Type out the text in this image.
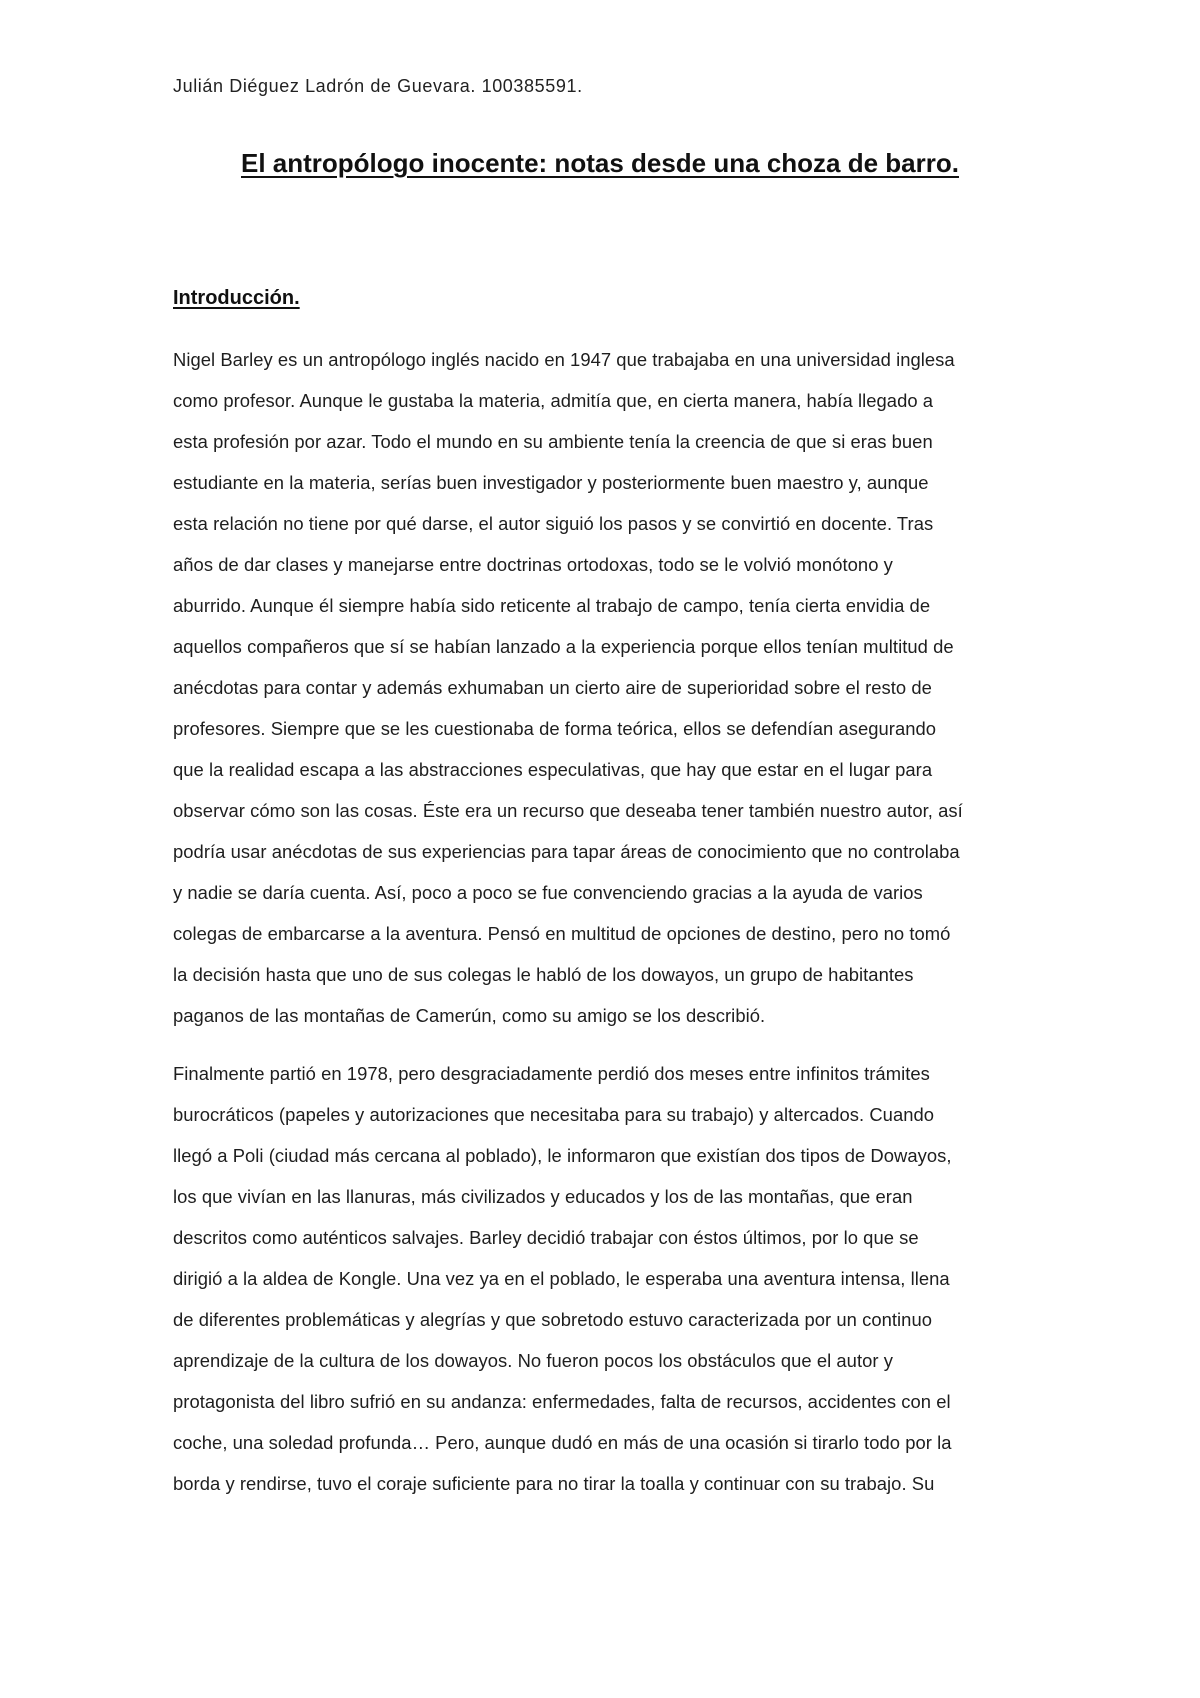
Julián Diéguez Ladrón de Guevara. 100385591.
El antropólogo inocente: notas desde una choza de barro.
Introducción.
Nigel Barley es un antropólogo inglés nacido en 1947 que trabajaba en una universidad inglesa
como profesor. Aunque le gustaba la materia, admitía que, en cierta manera, había llegado a
esta profesión por azar. Todo el mundo en su ambiente tenía la creencia de que si eras buen
estudiante en la materia, serías buen investigador y posteriormente buen maestro y, aunque
esta relación no tiene por qué darse, el autor siguió los pasos y se convirtió en docente. Tras
años de dar clases y manejarse entre doctrinas ortodoxas, todo se le volvió monótono y
aburrido. Aunque él siempre había sido reticente al trabajo de campo, tenía cierta envidia de
aquellos compañeros que sí se habían lanzado a la experiencia porque ellos tenían multitud de
anécdotas para contar y además exhumaban un cierto aire de superioridad sobre el resto de
profesores. Siempre que se les cuestionaba de forma teórica, ellos se defendían asegurando
que la realidad escapa a las abstracciones especulativas, que hay que estar en el lugar para
observar cómo son las cosas. Éste era un recurso que deseaba tener también nuestro autor, así
podría usar anécdotas de sus experiencias para tapar áreas de conocimiento que no controlaba
y nadie se daría cuenta. Así, poco a poco se fue convenciendo gracias a la ayuda de varios
colegas de embarcarse a la aventura. Pensó en multitud de opciones de destino, pero no tomó
la decisión hasta que uno de sus colegas le habló de los dowayos, un grupo de habitantes
paganos de las montañas de Camerún, como su amigo se los describió.
Finalmente partió en 1978, pero desgraciadamente perdió dos meses entre infinitos trámites
burocráticos (papeles y autorizaciones que necesitaba para su trabajo) y altercados. Cuando
llegó a Poli (ciudad más cercana al poblado), le informaron que existían dos tipos de Dowayos,
los que vivían en las llanuras, más civilizados y educados y los de las montañas, que eran
descritos como auténticos salvajes. Barley decidió trabajar con éstos últimos, por lo que se
dirigió a la aldea de Kongle. Una vez ya en el poblado, le esperaba una aventura intensa, llena
de diferentes problemáticas y alegrías y que sobretodo estuvo caracterizada por un continuo
aprendizaje de la cultura de los dowayos. No fueron pocos los obstáculos que el autor y
protagonista del libro sufrió en su andanza: enfermedades, falta de recursos, accidentes con el
coche, una soledad profunda… Pero, aunque dudó en más de una ocasión si tirarlo todo por la
borda y rendirse, tuvo el coraje suficiente para no tirar la toalla y continuar con su trabajo. Su
